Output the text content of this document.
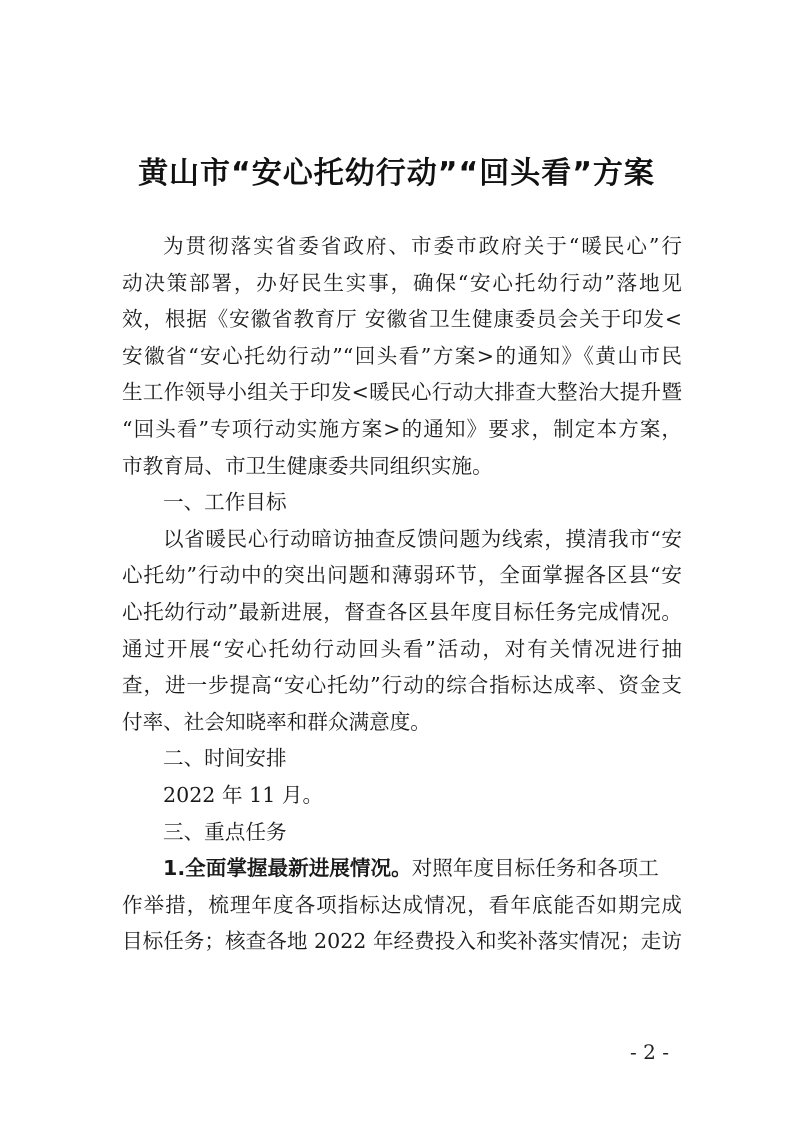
黄山市“安心托幼行动”“回头看”方案
为贯彻落实省委省政府、市委市政府关于“暖民心”行
动决策部署，办好民生实事，确保“安心托幼行动”落地见
效，根据《安徽省教育厅 安徽省卫生健康委员会关于印发<
安徽省“安心托幼行动”“回头看”方案>的通知》《黄山市民
生工作领导小组关于印发<暖民心行动大排查大整治大提升暨
“回头看”专项行动实施方案>的通知》要求，制定本方案，
市教育局、市卫生健康委共同组织实施。
一、工作目标
以省暖民心行动暗访抽查反馈问题为线索，摸清我市“安
心托幼”行动中的突出问题和薄弱环节，全面掌握各区县“安
心托幼行动”最新进展，督查各区县年度目标任务完成情况。
通过开展“安心托幼行动回头看”活动，对有关情况进行抽
查，进一步提高“安心托幼”行动的综合指标达成率、资金支
付率、社会知晓率和群众满意度。
二、时间安排
2022 年 11 月。
三、重点任务
1.全面掌握最新进展情况。对照年度目标任务和各项工
作举措，梳理年度各项指标达成情况，看年底能否如期完成
目标任务；核查各地 2022 年经费投入和奖补落实情况；走访
- 2 -
